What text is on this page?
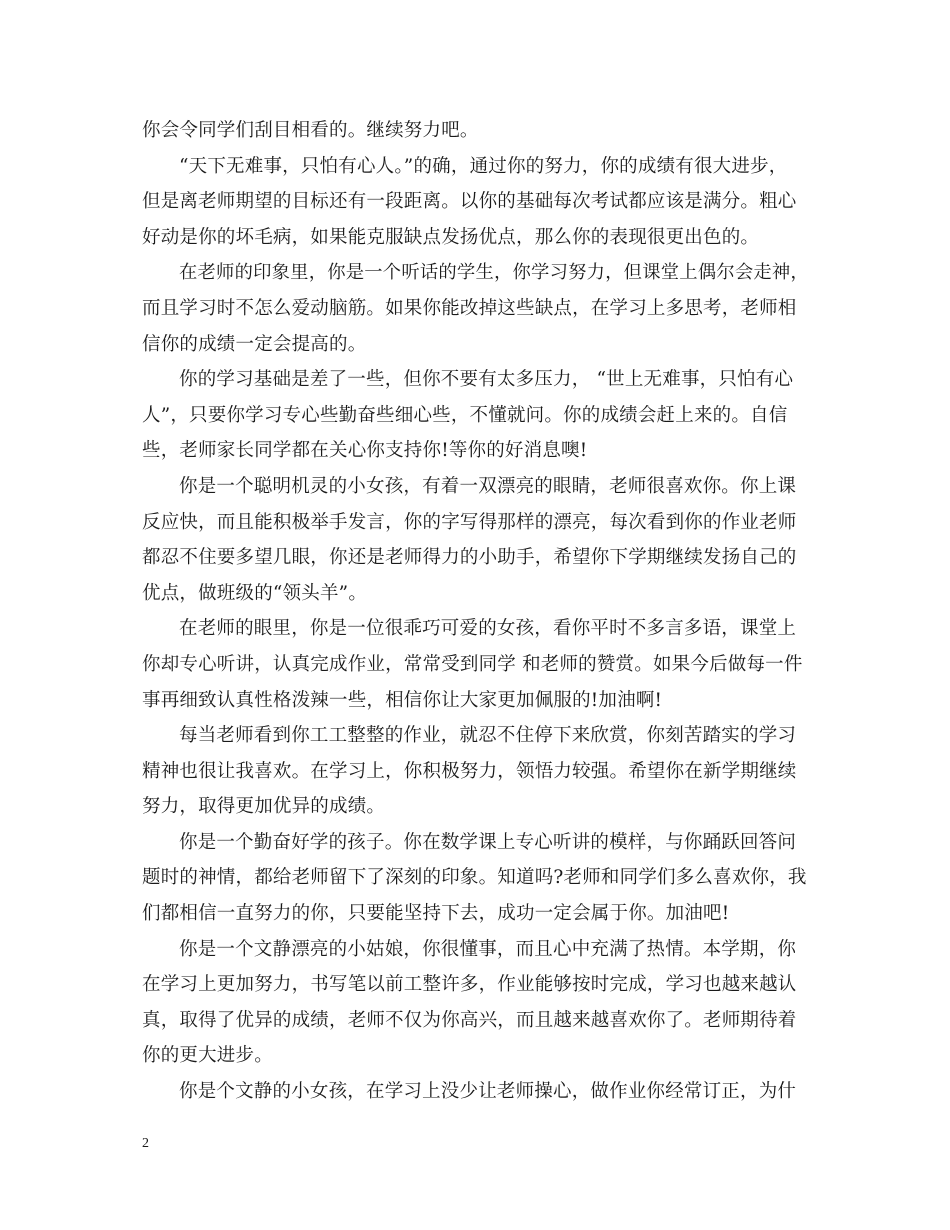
你会令同学们刮目相看的。继续努力吧。
“天下无难事，只怕有心人。”的确，通过你的努力，你的成绩有很大进步，
但是离老师期望的目标还有一段距离。以你的基础每次考试都应该是满分。粗心
好动是你的坏毛病，如果能克服缺点发扬优点，那么你的表现很更出色的。
在老师的印象里，你是一个听话的学生，你学习努力，但课堂上偶尔会走神，
而且学习时不怎么爱动脑筋。如果你能改掉这些缺点，在学习上多思考，老师相
信你的成绩一定会提高的。
你的学习基础是差了一些，但你不要有太多压力， “世上无难事，只怕有心
人”，只要你学习专心些勤奋些细心些，不懂就问。你的成绩会赶上来的。自信
些，老师家长同学都在关心你支持你!等你的好消息噢!
你是一个聪明机灵的小女孩，有着一双漂亮的眼睛，老师很喜欢你。你上课
反应快，而且能积极举手发言，你的字写得那样的漂亮，每次看到你的作业老师
都忍不住要多望几眼，你还是老师得力的小助手，希望你下学期继续发扬自己的
优点，做班级的“领头羊”。
在老师的眼里，你是一位很乖巧可爱的女孩，看你平时不多言多语，课堂上
你却专心听讲，认真完成作业，常常受到同学 和老师的赞赏。如果今后做每一件
事再细致认真性格泼辣一些，相信你让大家更加佩服的!加油啊!
每当老师看到你工工整整的作业，就忍不住停下来欣赏，你刻苦踏实的学习
精神也很让我喜欢。在学习上，你积极努力，领悟力较强。希望你在新学期继续
努力，取得更加优异的成绩。
你是一个勤奋好学的孩子。你在数学课上专心听讲的模样，与你踊跃回答问
题时的神情，都给老师留下了深刻的印象。知道吗?老师和同学们多么喜欢你，我
们都相信一直努力的你，只要能坚持下去，成功一定会属于你。加油吧!
你是一个文静漂亮的小姑娘，你很懂事，而且心中充满了热情。本学期，你
在学习上更加努力，书写笔以前工整许多，作业能够按时完成，学习也越来越认
真，取得了优异的成绩，老师不仅为你高兴，而且越来越喜欢你了。老师期待着
你的更大进步。
你是个文静的小女孩，在学习上没少让老师操心，做作业你经常订正，为什
2
